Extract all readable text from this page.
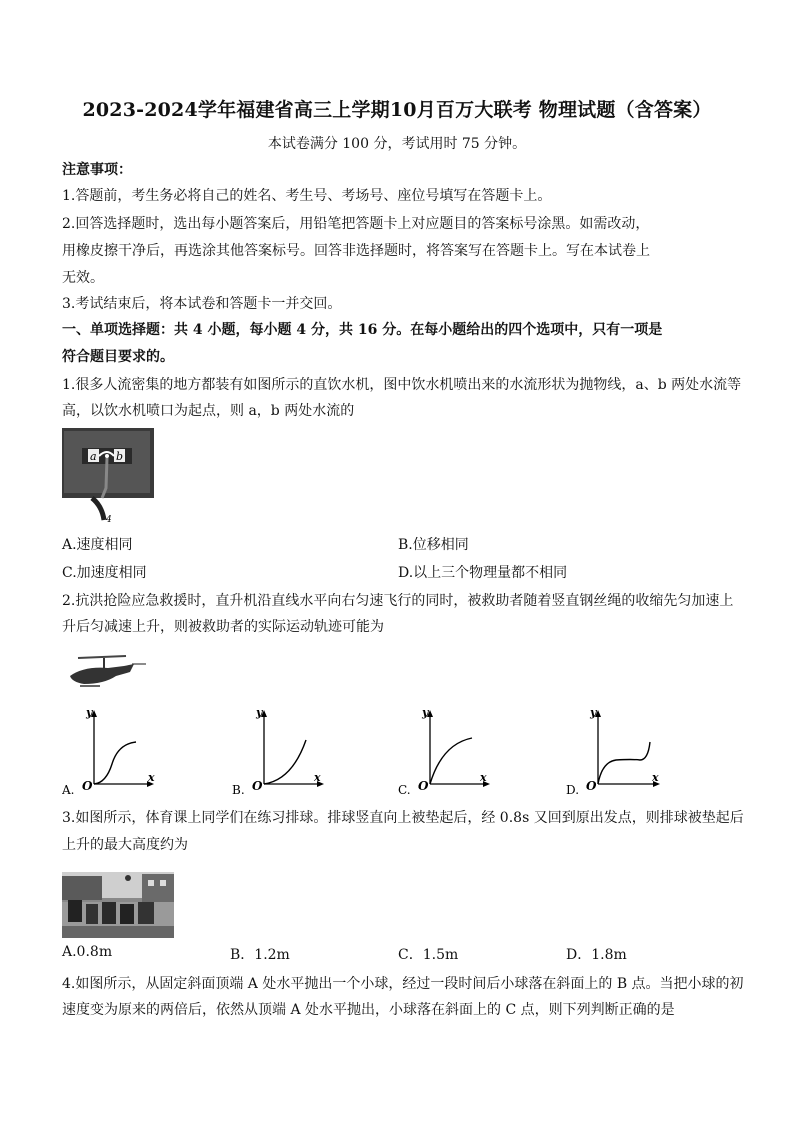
2023-2024学年福建省高三上学期10月百万大联考 物理试题（含答案）
本试卷满分 100 分，考试用时 75 分钟。
注意事项：
1.答题前，考生务必将自己的姓名、考生号、考场号、座位号填写在答题卡上。
2.回答选择题时，选出每小题答案后，用铅笔把答题卡上对应题目的答案标号涂黑。如需改动，
用橡皮擦干净后，再选涂其他答案标号。回答非选择题时，将答案写在答题卡上。写在本试卷上
无效。
3.考试结束后，将本试卷和答题卡一并交回。
一、单项选择题：共 4 小题，每小题 4 分，共 16 分。在每小题给出的四个选项中，只有一项是
符合题目要求的。
1.很多人流密集的地方都装有如图所示的直饮水机，图中饮水机喷出来的水流形状为抛物线，a、b 两处水流等
高，以饮水机喷口为起点，则 a，b 两处水流的
a b
4
A.速度相同	B.位移相同
C.加速度相同	D.以上三个物理量都不相同
2.抗洪抢险应急救援时，直升机沿直线水平向右匀速飞行的同时，被救助者随着竖直钢丝绳的收缩先匀加速上
升后匀减速上升，则被救助者的实际运动轨迹可能为
y
x
O
A.
y
x
O
B.
y
x
O
C.
y
x
O
D.
3.如图所示，体育课上同学们在练习排球。排球竖直向上被垫起后，经 0.8s 又回到原出发点，则排球被垫起后
上升的最大高度约为
A.0.8m	B．1.2m	C．1.5m	D．1.8m
4.如图所示，从固定斜面顶端 A 处水平抛出一个小球，经过一段时间后小球落在斜面上的 B 点。当把小球的初
速度变为原来的两倍后，依然从顶端 A 处水平抛出，小球落在斜面上的 C 点，则下列判断正确的是
